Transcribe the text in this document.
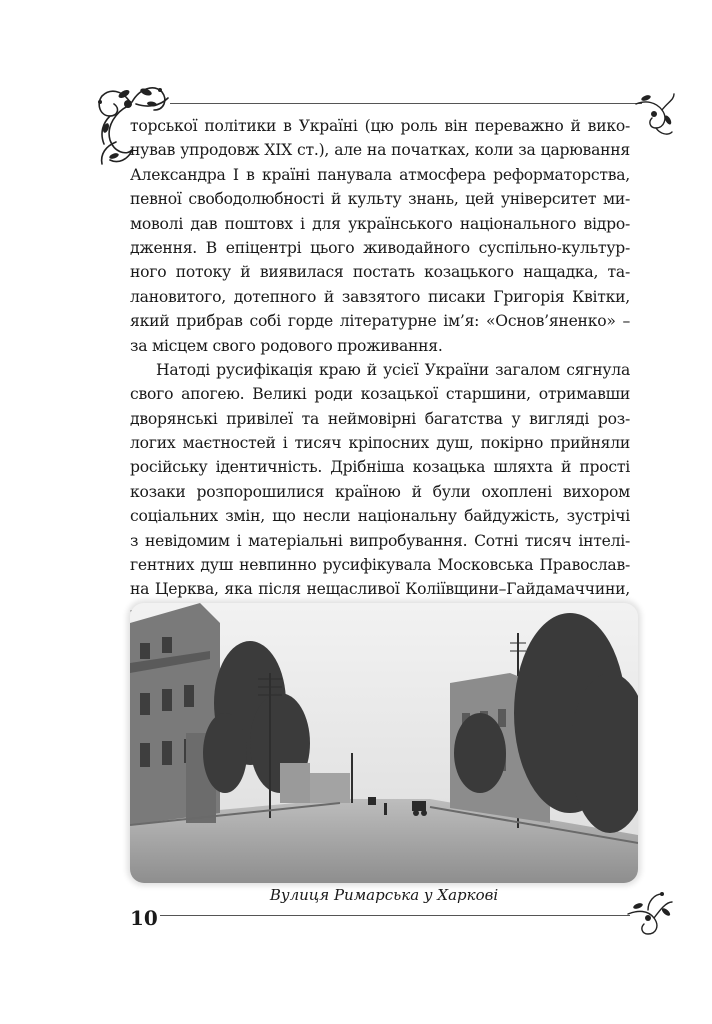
торської політики в Україні (цю роль він переважно й вико-
нував упродовж XIX ст.), але на початках, коли за царювання
Александра І в країні панувала атмосфера реформаторства,
певної свободолюбності й культу знань, цей університет ми-
моволі дав поштовх і для українського національного відро-
дження. В епіцентрі цього живодайного суспільно-культур-
ного потоку й виявилася постать козацького нащадка, та-
лановитого, дотепного й завзятого писаки Григорія Квітки,
який прибрав собі горде літературне ім’я: «Основ’яненко» –
за місцем свого родового проживання.
Натоді русифікація краю й усієї України загалом сягнула
свого апогею. Великі роди козацької старшини, отримавши
дворянські привілеї та неймовірні багатства у вигляді роз-
логих маєтностей і тисяч кріпосних душ, покірно прийняли
російську ідентичність. Дрібніша козацька шляхта й прості
козаки розпорошилися країною й були охоплені вихором
соціальних змін, що несли національну байдужість, зустрічі
з невідомим і матеріальні випробування. Сотні тисяч інтелі-
гентних душ невпинно русифікувала Московська Православ-
на Церква, яка після нещасливої Коліївщини–Гайдамаччини,
Вулиця Римарська у Харкові
10
